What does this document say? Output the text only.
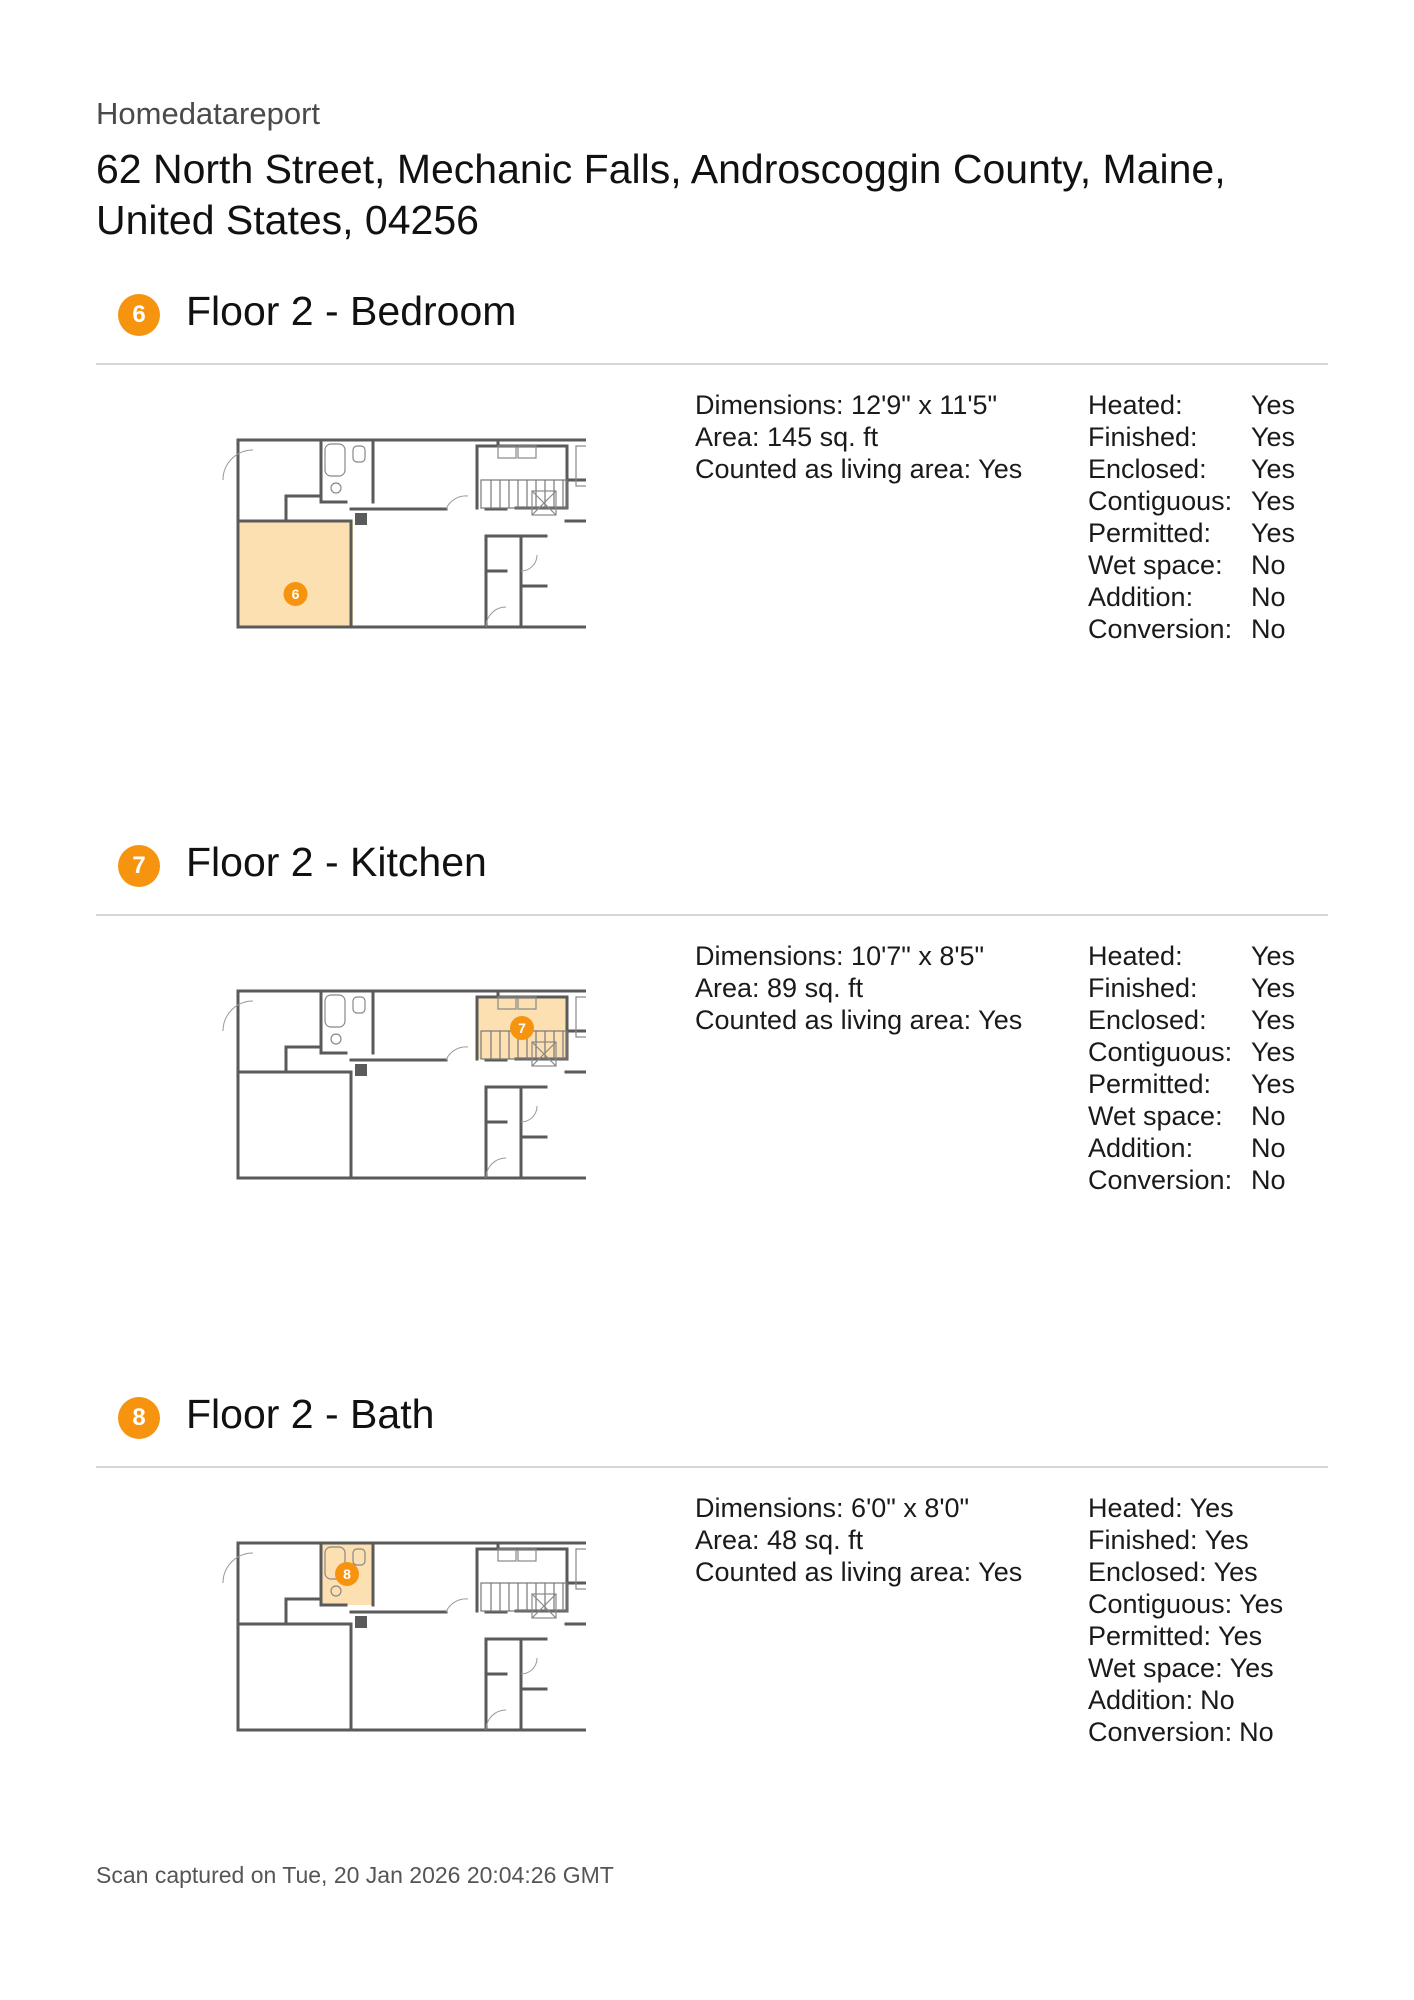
Homedatareport
62 North Street, Mechanic Falls, Androscoggin County, Maine, United States, 04256
6 Floor 2 - Bedroom
6
Dimensions: 12'9" x 11'5"
Area: 145 sq. ft
Counted as living area: Yes
Heated:	Yes
Finished:	Yes
Enclosed:	Yes
Contiguous: Yes
Permitted:	Yes
Wet space:	No
Addition:	No
Conversion: No
7 Floor 2 - Kitchen
7
Dimensions: 10'7" x 8'5"
Area: 89 sq. ft
Counted as living area: Yes
Heated:	Yes
Finished:	Yes
Enclosed:	Yes
Contiguous: Yes
Permitted:	Yes
Wet space:	No
Addition:	No
Conversion: No
8 Floor 2 - Bath
8
Dimensions: 6'0" x 8'0"
Area: 48 sq. ft
Counted as living area: Yes
Heated: Yes
Finished: Yes
Enclosed: Yes
Contiguous: Yes
Permitted: Yes
Wet space: Yes
Addition: No
Conversion: No
Scan captured on Tue, 20 Jan 2026 20:04:26 GMT
